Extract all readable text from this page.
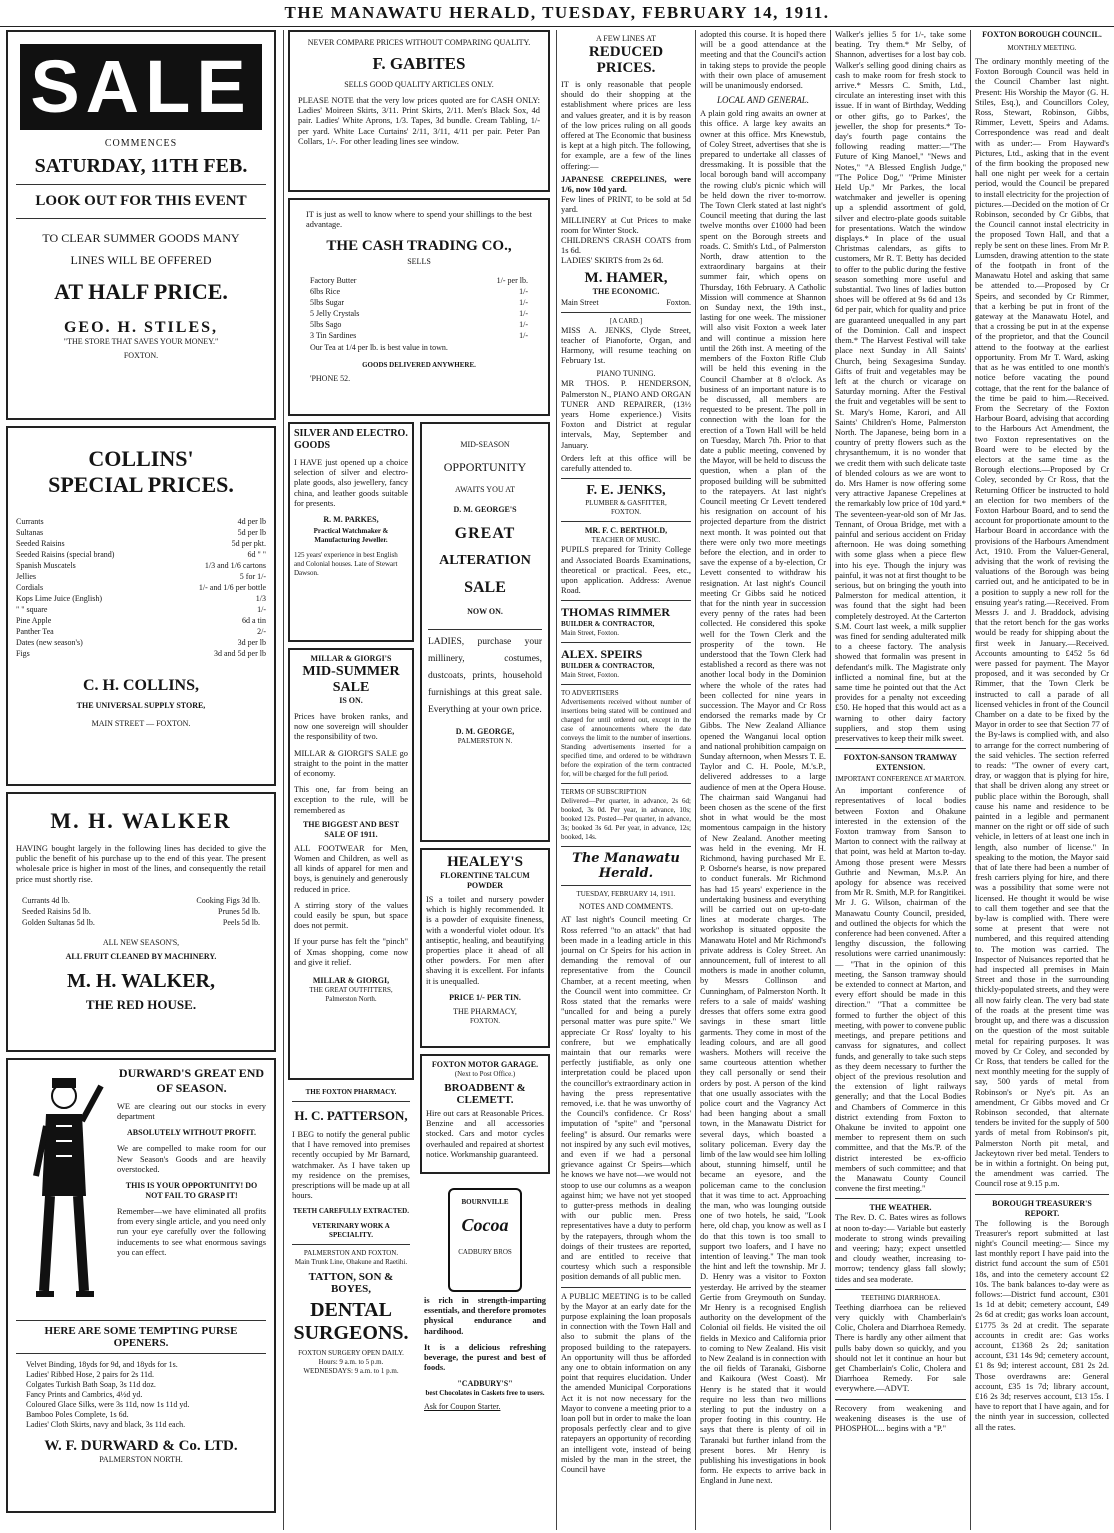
THE MANAWATU HERALD, TUESDAY, FEBRUARY 14, 1911.
SALE
COMMENCES
SATURDAY, 11TH FEB.
LOOK OUT FOR THIS EVENT
TO CLEAR SUMMER GOODS MANY LINES WILL BE OFFERED
AT HALF PRICE.
GEO. H. STILES,
"THE STORE THAT SAVES YOUR MONEY."
FOXTON.
COLLINS'
SPECIAL PRICES.
Currants	4d per lb
Sultanas	5d per lb
Seeded Raisins	5d per pkt.
Seeded Raisins (special brand)	6d " "
Spanish Muscatels	1/3 and 1/6 cartons
Jellies	5 for 1/-
Cordials	1/- and 1/6 per bottle
Kops Lime Juice (English)	1/3
" " square	1/-
Pine Apple	6d a tin
Panther Tea	2/-
Dates (new season's)	3d per lb
Figs	3d and 5d per lb
C. H. COLLINS,
THE UNIVERSAL SUPPLY STORE,
MAIN STREET — FOXTON.
M. H. WALKER
HAVING bought largely in the following lines has decided to give the public the benefit of his purchase up to the end of this year. The present wholesale price is higher in most of the lines, and consequently the retail price must shortly rise.
Currants 4d lb.	Cooking Figs 3d lb.
Seeded Raisins 5d lb.	Prunes 5d lb.
Golden Sultanas 5d lb.	Peels 5d lb.
ALL NEW SEASON'S,
ALL FRUIT CLEANED BY MACHINERY.
M. H. WALKER,
THE RED HOUSE.
DURWARD'S GREAT END OF SEASON.
WE are clearing out our stocks in every department
ABSOLUTELY WITHOUT PROFIT.
We are compelled to make room for our New Season's Goods and are heavily overstocked.
THIS IS YOUR OPPORTUNITY! DO NOT FAIL TO GRASP IT!
Remember—we have eliminated all profits from every single article, and you need only run your eye carefully over the following inducements to see what enormous savings you can effect.
HERE ARE SOME TEMPTING PURSE OPENERS.
Velvet Binding, 18yds for 9d, and 18yds for 1s.
Ladies' Ribbed Hose, 2 pairs for 2s 11d.
Colgates Turkish Bath Soap, 3s 11d doz.
Fancy Prints and Cambrics, 4½d yd.
Coloured Glace Silks, were 3s 11d, now 1s 11d yd.
Bamboo Poles Complete, 1s 6d.
Ladies' Cloth Skirts, navy and black, 3s 11d each.
W. F. DURWARD & Co. LTD.
PALMERSTON NORTH.
NEVER COMPARE PRICES WITHOUT COMPARING QUALITY.
F. GABITES
SELLS GOOD QUALITY ARTICLES ONLY.
PLEASE NOTE that the very low prices quoted are for CASH ONLY: Ladies' Moireen Skirts, 3/11. Print Skirts, 2/11. Men's Black Sox, 4d pair. Ladies' White Aprons, 1/3. Tapes, 3d bundle. Cream Tabling, 1/- per yard. White Lace Curtains' 2/11, 3/11, 4/11 per pair. Peter Pan Collars, 1/-. For other leading lines see window.
IT is just as well to know where to spend your shillings to the best advantage.
THE CASH TRADING CO.,
SELLS
Factory Butter	1/- per lb.
6lbs Rice	1/-
5lbs Sugar	1/-
5 Jelly Crystals	1/-
5lbs Sago	1/-
3 Tin Sardines	1/-
Our Tea at 1/4 per lb. is best value in town.
GOODS DELIVERED ANYWHERE.
'PHONE 52.
SILVER AND ELECTRO. GOODS
I HAVE just opened up a choice selection of silver and electro-plate goods, also jewellery, fancy china, and leather goods suitable for presents.
R. M. PARKES,
Practical Watchmaker & Manufacturing Jeweller.
125 years' experience in best English and Colonial houses. Late of Stewart Dawson.
MILLAR & GIORGI'S
MID-SUMMER
SALE
IS ON.
Prices have broken ranks, and now one sovereign will shoulder the responsibility of two.
MILLAR & GIORGI'S SALE go straight to the point in the matter of economy.
This one, far from being an exception to the rule, will be remembered as
THE BIGGEST AND BEST SALE OF 1911.
ALL FOOTWEAR for Men, Women and Children, as well as all kinds of apparel for men and boys, is genuinely and generously reduced in price.
A stirring story of the values could easily be spun, but space does not permit.
If your purse has felt the "pinch" of Xmas shopping, come now and give it relief.
MILLAR & GIORGI,
THE GREAT OUTFITTERS,
Palmerston North.
THE FOXTON PHARMACY.
H. C. PATTERSON,
I BEG to notify the general public that I have removed into premises recently occupied by Mr Barnard, watchmaker. As I have taken up my residence on the premises, prescriptions will be made up at all hours.
TEETH CAREFULLY EXTRACTED.
VETERINARY WORK A SPECIALITY.
PALMERSTON AND FOXTON.
Main Trunk Line, Ohakune and Raetihi.
TATTON, SON & BOYES,
DENTAL
SURGEONS.
FOXTON SURGERY OPEN DAILY.
Hours: 9 a.m. to 5 p.m.
WEDNESDAYS: 9 a.m. to 1 p.m.
MID-SEASON
OPPORTUNITY
AWAITS YOU AT
D. M. GEORGE'S
GREAT
ALTERATION
SALE
NOW ON.
LADIES, purchase your millinery, costumes, dustcoats, prints, household furnishings at this great sale. Everything at your own price.
D. M. GEORGE,
PALMERSTON N.
HEALEY'S
FLORENTINE TALCUM POWDER
IS a toilet and nursery powder which is highly recommended. It is a powder of exquisite fineness, with a wonderful violet odour. It's antiseptic, healing, and beautifying properties place it ahead of all other powders. For men after shaving it is excellent. For infants it is unequalled.
PRICE 1/- PER TIN.
THE PHARMACY,
FOXTON.
FOXTON MOTOR GARAGE.
(Next to Post Office.)
BROADBENT & CLEMETT.
Hire out cars at Reasonable Prices. Benzine and all accessories stocked. Cars and motor cycles overhauled and repaired at shortest notice. Workmanship guaranteed.
BOURNVILLE
Cocoa
CADBURY BROS
is rich in strength-imparting essentials, and therefore promotes physical endurance and hardihood.
It is a delicious refreshing beverage, the purest and best of foods.
"CADBURY'S"
best Chocolates in Caskets free to users.
Ask for Coupon Starter.
A FEW LINES AT
REDUCED PRICES.
IT is only reasonable that people should do their shopping at the establishment where prices are less and values greater, and it is by reason of the low prices ruling on all goods offered at The Economic that business is kept at a high pitch. The following, for example, are a few of the lines offering:—
JAPANESE CREPELINES, were 1/6, now 10d yard.
Few lines of PRINT, to be sold at 5d yard.
MILLINERY at Cut Prices to make room for Winter Stock.
CHILDREN'S CRASH COATS from 1s 6d.
LADIES' SKIRTS from 2s 6d.
M. HAMER,
THE ECONOMIC.
Main Street	Foxton.
[A CARD.]
MISS A. JENKS, Clyde Street, teacher of Pianoforte, Organ, and Harmony, will resume teaching on February 1st.
PIANO TUNING.
MR THOS. P. HENDERSON, Palmerston N., PIANO AND ORGAN TUNER AND REPAIRER, (13½ years Home experience.) Visits Foxton and District at regular intervals, May, September and January.
Orders left at this office will be carefully attended to.
F. E. JENKS,
PLUMBER & GASFITTER,
FOXTON.
MR. F. C. BERTHOLD,
TEACHER OF MUSIC.
PUPILS prepared for Trinity College and Associated Boards Examinations, theoretical or practical. Fees, etc., upon application. Address: Avenue Road.
THOMAS RIMMER
BUILDER & CONTRACTOR,
Main Street, Foxton.
ALEX. SPEIRS
BUILDER & CONTRACTOR,
Main Street, Foxton.
TO ADVERTISERS
Advertisements received without number of insertions being stated will be continued and charged for until ordered out, except in the case of announcements where the date conveys the limit to the number of insertions. Standing advertisements inserted for a specified time, and ordered to be withdrawn before the expiration of the term contracted for, will be charged for the full period.
TERMS OF SUBSCRIPTION
Delivered—Per quarter, in advance, 2s 6d; booked, 3s 0d. Per year, in advance, 10s; booked 12s. Posted—Per quarter, in advance, 3s; booked 3s 6d. Per year, in advance, 12s; booked, 14s.
The Manawatu Herald.
TUESDAY, FEBRUARY 14, 1911.
NOTES AND COMMENTS.
AT last night's Council meeting Cr Ross referred "to an attack" that had been made in a leading article in this journal on Cr Speirs for his action in demanding the removal of our representative from the Council Chamber, at a recent meeting, when the Council went into committee. Cr Ross stated that the remarks were "uncalled for and being a purely personal matter was pure spite." We appreciate Cr Ross' loyalty to his confrere, but we emphatically maintain that our remarks were perfectly justifiable, as only one interpretation could be placed upon the councillor's extraordinary action in having the press representative removed, i.e. that he was unworthy of the Council's confidence. Cr Ross' imputation of "spite" and "personal feeling" is absurd. Our remarks were not inspired by any such evil motives, and even if we had a personal grievance against Cr Speirs—which he knows we have not—we would not stoop to use our columns as a weapon against him; we have not yet stooped to gutter-press methods in dealing with our public men. Press representatives have a duty to perform by the ratepayers, through whom the doings of their trustees are reported, and are entitled to receive that courtesy which such a responsible position demands of all public men.
A PUBLIC MEETING is to be called by the Mayor at an early date for the purpose explaining the loan proposals in connection with the Town Hall and also to submit the plans of the proposed building to the ratepayers. An opportunity will thus be afforded any one to obtain information on any point that requires elucidation. Under the amended Municipal Corporations Act it is not now necessary for the Mayor to convene a meeting prior to a loan poll but in order to make the loan proposals perfectly clear and to give ratepayers an opportunity of recording an intelligent vote, instead of being misled by the man in the street, the Council have
adopted this course. It is hoped there will be a good attendance at the meeting and that the Council's action in taking steps to provide the people with their own place of amusement will be unanimously endorsed.
LOCAL AND GENERAL.
A plain gold ring awaits an owner at this office. A large key awaits an owner at this office. Mrs Knewstub, of Coley Street, advertises that she is prepared to undertake all classes of dressmaking. It is possible that the local borough band will accompany the rowing club's picnic which will be held down the river to-morrow. The Town Clerk stated at last night's Council meeting that during the last twelve months over £1000 had been spent on the Borough streets and roads. C. Smith's Ltd., of Palmerston North, draw attention to the extraordinary bargains at their summer fair, which opens on Thursday, 16th February. A Catholic Mission will commence at Shannon on Sunday next, the 19th inst., lasting for one week. The missioner will also visit Foxton a week later and will continue a mission here until the 26th inst. A meeting of the members of the Foxton Rifle Club will be held this evening in the Council Chamber at 8 o'clock. As business of an important nature is to be discussed, all members are requested to be present. The poll in connection with the loan for the erection of a Town Hall will be held on Tuesday, March 7th. Prior to that date a public meeting, convened by the Mayor, will be held to discuss the question, when a plan of the proposed building will be submitted to the ratepayers. At last night's Council meeting Cr Levett tendered his resignation on account of his projected departure from the district next month. It was pointed out that there were only two more meetings before the election, and in order to save the expense of a by-election, Cr Levett consented to withdraw his resignation. At last night's Council meeting Cr Gibbs said he noticed that for the ninth year in succession every penny of the rates had been collected. He considered this spoke well for the Town Clerk and the prosperity of the town. He understood that the Town Clerk had established a record as there was not another local body in the Dominion where the whole of the rates had been collected for nine years in succession. The Mayor and Cr Ross endorsed the remarks made by Cr Gibbs. The New Zealand Alliance opened the Wanganui local option and national prohibition campaign on Sunday afternoon, when Messrs T. E. Taylor and C. H. Poole, M.'s.P., delivered addresses to a large audience of men at the Opera House. The chairman said Wanganui had been chosen as the scene of the first shot in what would be the most momentous campaign in the history of New Zealand. Another meeting was held in the evening. Mr H. Richmond, having purchased Mr E. P. Osborne's hearse, is now prepared to conduct funerals. Mr Richmond has had 15 years' experience in the undertaking business and everything will be carried out on up-to-date lines at moderate charges. The workshop is situated opposite the Manawatu Hotel and Mr Richmond's private address is Coley Street. An announcement, full of interest to all mothers is made in another column, by Messrs Collinson and Cunningham, of Palmerston North. It refers to a sale of maids' washing dresses that offers some extra good savings in these smart little garments. They come in most of the leading colours, and are all good washers. Mothers will receive the same courteous attention whether they call personally or send their orders by post. A person of the kind that one usually associates with the police court and the Vagrancy Act had been hanging about a small town, in the Manawatu District for several days, which boasted a solitary policeman. Every day the limb of the law would see him lolling about, stunning himself, until he became an eyesore, and the policeman came to the conclusion that it was time to act. Approaching the man, who was lounging outside one of two hotels, he said, "Look here, old chap, you know as well as I do that this town is too small to support two loafers, and I have no intention of leaving." The man took the hint and left the township. Mr J. D. Henry was a visitor to Foxton yesterday. He arrived by the steamer Gertie from Greymouth on Sunday. Mr Henry is a recognised English authority on the development of the Colonial oil fields. He visited the oil fields in Mexico and California prior to coming to New Zealand. His visit to New Zealand is in connection with the oil fields of Taranaki, Gisborne and Kaikoura (West Coast). Mr Henry is he stated that it would require no less than two millions sterling to put the industry on a proper footing in this country. He says that there is plenty of oil in Taranaki but further inland from the present bores. Mr Henry is publishing his investigations in book form. He expects to arrive back in England in June next.
Walker's jellies 5 for 1/-, take some beating. Try them.* Mr Selby, of Shannon, advertises for a lost bay cob. Walker's selling good dining chairs as cash to make room for fresh stock to arrive.* Messrs C. Smith, Ltd., circulate an interesting inset with this issue. If in want of Birthday, Wedding or other gifts, go to Parkes', the jeweller, the shop for presents.* To-day's fourth page contains the following reading matter:—"The Future of King Manoel," "News and Notes," "A Blessed English Judge," "The Police Dog," "Prime Minister Held Up." Mr Parkes, the local watchmaker and jeweller is opening up a splendid assortment of gold, silver and electro-plate goods suitable for presentations. Watch the window displays.* In place of the usual Christmas calendars, as gifts to customers, Mr R. T. Betty has decided to offer to the public during the festive season something more useful and substantial. Two lines of ladies button shoes will be offered at 9s 6d and 13s 6d per pair, which for quality and price are guaranteed unequalled in any part of the Dominion. Call and inspect them.* The Harvest Festival will take place next Sunday in All Saints' Church, being Sexagesima Sunday. Gifts of fruit and vegetables may be left at the church or vicarage on Saturday morning. After the Festival the fruit and vegetables will be sent to St. Mary's Home, Karori, and All Saints' Children's Home, Palmerston North. The Japanese, being born in a country of pretty flowers such as the chrysanthemum, it is no wonder that we credit them with such delicate taste of blended colours as we are wont to do. Mrs Hamer is now offering some very attractive Japanese Crepelines at the remarkably low price of 10d yard.* The seventeen-year-old son of Mr Jas. Tennant, of Oroua Bridge, met with a painful and serious accident on Friday afternoon. He was doing something with some glass when a piece flew into his eye. Though the injury was painful, it was not at first thought to be serious, but on bringing the youth into Palmerston for medical attention, it was found that the sight had been completely destroyed. At the Carterton S.M. Court last week, a milk supplier was fined for sending adulterated milk to a cheese factory. The analysis showed that formalin was present in defendant's milk. The Magistrate only inflicted a nominal fine, but at the same time he pointed out that the Act provides for a penalty not exceeding £50. He hoped that this would act as a warning to other dairy factory suppliers, and stop them using preservatives to keep their milk sweet.
FOXTON-SANSON TRAMWAY EXTENSION.
IMPORTANT CONFERENCE AT MARTON.
An important conference of representatives of local bodies between Foxton and Ohakune interested in the extension of the Foxton tramway from Sanson to Marton to connect with the railway at that point, was held at Marton to-day. Among those present were Messrs Guthrie and Newman, M.s.P. An apology for absence was received from Mr R. Smith, M.P. for Rangitikei. Mr J. G. Wilson, chairman of the Manawatu County Council, presided, and outlined the objects for which the conference had been convened. After a lengthy discussion, the following resolutions were carried unanimously:— "That in the opinion of this meeting, the Sanson tramway should be extended to connect at Marton, and every effort should be made in this direction." "That a committee be formed to further the object of this meeting, with power to convene public meetings, and prepare petitions and canvass for signatures, and collect funds, and generally to take such steps as they deem necessary to further the object of the previous resolution and the extension of light railways generally; and that the Local Bodies and Chambers of Commerce in this district extending from Foxton to Ohakune be invited to appoint one member to represent them on such committee, and that the Ms.'P. of the district interested be ex-officio members of such committee; and that the Manawatu County Council convene the first meeting."
THE WEATHER.
The Rev. D. C. Bates wires as follows at noon to-day:— Variable but easterly moderate to strong winds prevailing and veering; hazy; expect unsettled and cloudy weather, increasing to-morrow; tendency glass fall slowly; tides and sea moderate.
TEETHING DIARRHOEA.
Teething diarrhoea can be relieved very quickly with Chamberlain's Colic, Cholera and Diarrhoea Remedy. There is hardly any other ailment that pulls baby down so quickly, and you should not let it continue an hour but get Chamberlain's Colic, Cholera and Diarrhoea Remedy. For sale everywhere.—ADVT.
Recovery from weakening and weakening diseases is the use of PHOSPHOL... begins with a "P."
FOXTON BOROUGH COUNCIL.
MONTHLY MEETING.
The ordinary monthly meeting of the Foxton Borough Council was held in the Council Chamber last night. Present: His Worship the Mayor (G. H. Stiles, Esq.), and Councillors Coley, Ross, Stewart, Robinson, Gibbs, Rimmer, Levett, Speirs and Adams. Correspondence was read and dealt with as under:— From Hayward's Pictures, Ltd., asking that in the event of the firm booking the proposed new hall one night per week for a certain period, would the Council be prepared to install electricity for the projection of pictures.—Decided on the motion of Cr Robinson, seconded by Cr Gibbs, that the Council cannot instal electricity in the proposed Town Hall, and that a reply be sent on these lines. From Mr P. Lumsden, drawing attention to the state of the footpath in front of the Manawatu Hotel and asking that same be attended to.—Proposed by Cr Speirs, and seconded by Cr Rimmer, that a kerbing be put in front of the gateway at the Manawatu Hotel, and that a crossing be put in at the expense of the proprietor, and that the Council attend to the footway at the earliest opportunity. From Mr T. Ward, asking that as he was entitled to one month's notice before vacating the pound cottage, that the rent for the balance of the time be paid to him.—Received. From the Secretary of the Foxton Harbour Board, advising that according to the Harbours Act Amendment, the two Foxton representatives on the Board were to be elected by the electors at the same time as the Borough elections.—Proposed by Cr Coley, seconded by Cr Ross, that the Returning Officer be instructed to hold an election for two members of the Foxton Harbour Board, and to send the account for proportionate amount to the Harbour Board in accordance with the provisions of the Harbours Amendment Act, 1910. From the Valuer-General, advising that the work of revising the valuations of the Borough was being carried out, and he anticipated to be in a position to supply a new roll for the ensuing year's rating.—Received. From Messrs J. and J. Braddock, advising that the retort bench for the gas works would be ready for shipping about the first week in January.—Received. Accounts amounting to £452 5s 6d were passed for payment. The Mayor proposed, and it was seconded by Cr Rimmer, that the Town Clerk be instructed to call a parade of all licensed vehicles in front of the Council Chamber on a date to be fixed by the Mayor in order to see that Section 77 of the By-laws is complied with, and also to arrange for the correct numbering of the said vehicles. The section referred to reads: "The owner of every cart, dray, or waggon that is plying for hire, that shall be driven along any street or public place within the Borough, shall cause his name and residence to be painted in a legible and permanent manner on the right or off side of such vehicle, in letters of at least one inch in length, also number of license." In speaking to the motion, the Mayor said that of late there had been a number of fresh carriers plying for hire, and there was a possibility that some were not licensed. He thought it would be wise to call them together and see that the by-law is complied with. There were some at present that were not numbered, and this required attending to. The motion was carried. The Inspector of Nuisances reported that he had inspected all premises in Main Street and those in the surrounding thickly-populated streets, and they were all now fairly clean. The very bad state of the roads at the present time was brought up, and there was a discussion on the question of the most suitable metal for repairing purposes. It was moved by Cr Coley, and seconded by Cr Ross, that tenders be called for the next monthly meeting for the supply of say, 500 yards of metal from Robinson's or Nye's pit. As an amendment, Cr Gibbs moved and Cr Robinson seconded, that alternate tenders be invited for the supply of 500 yards of metal from Robinson's pit, Palmerston North pit metal, and Jackeytown river bed metal. Tenders to be in within a fortnight. On being put, the amendment was carried. The Council rose at 9.15 p.m.
BOROUGH TREASURER'S REPORT.
The following is the Borough Treasurer's report submitted at last night's Council meeting:— Since my last monthly report I have paid into the district fund account the sum of £501 18s, and into the cemetery account £2 10s. The bank balances to-day were as follows:—District fund account, £301 1s 1d at debit; cemetery account, £49 2s 6d at credit; gas works loan account, £1775 3s 2d at credit. The separate accounts in credit are: Gas works account, £1368 2s 2d; sanitation account, £31 14s 9d; cemetery account, £1 8s 9d; interest account, £81 2s 2d. Those overdrawns are: General account, £35 1s 7d; library account, £16 2s 3d; reserves account, £13 15s. I have to report that I have again, and for the ninth year in succession, collected all the rates.
